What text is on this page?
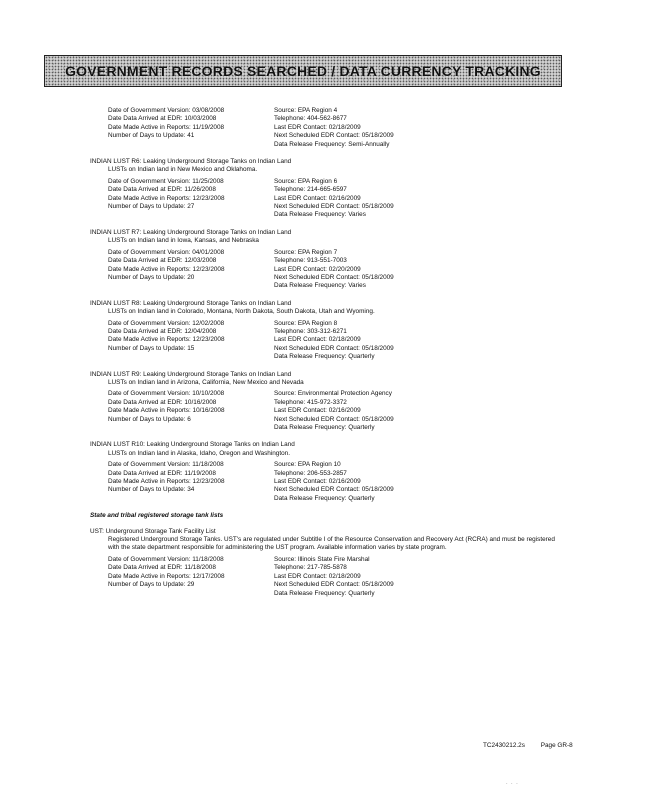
GOVERNMENT RECORDS SEARCHED / DATA CURRENCY TRACKING
Date of Government Version: 03/08/2008	Source: EPA Region 4
Date Data Arrived at EDR: 10/03/2008	Telephone: 404-562-8677
Date Made Active in Reports: 11/19/2008	Last EDR Contact: 02/18/2009
Number of Days to Update: 41	Next Scheduled EDR Contact: 05/18/2009
Data Release Frequency: Semi-Annually
INDIAN LUST R6: Leaking Underground Storage Tanks on Indian Land
LUSTs on Indian land in New Mexico and Oklahoma.
Date of Government Version: 11/25/2008	Source: EPA Region 6
Date Data Arrived at EDR: 11/26/2008	Telephone: 214-665-6597
Date Made Active in Reports: 12/23/2008	Last EDR Contact: 02/16/2009
Number of Days to Update: 27	Next Scheduled EDR Contact: 05/18/2009
Data Release Frequency: Varies
INDIAN LUST R7: Leaking Underground Storage Tanks on Indian Land
LUSTs on Indian land in Iowa, Kansas, and Nebraska
Date of Government Version: 04/01/2008	Source: EPA Region 7
Date Data Arrived at EDR: 12/03/2008	Telephone: 913-551-7003
Date Made Active in Reports: 12/23/2008	Last EDR Contact: 02/20/2009
Number of Days to Update: 20	Next Scheduled EDR Contact: 05/18/2009
Data Release Frequency: Varies
INDIAN LUST R8: Leaking Underground Storage Tanks on Indian Land
LUSTs on Indian land in Colorado, Montana, North Dakota, South Dakota, Utah and Wyoming.
Date of Government Version: 12/02/2008	Source: EPA Region 8
Date Data Arrived at EDR: 12/04/2008	Telephone: 303-312-6271
Date Made Active in Reports: 12/23/2008	Last EDR Contact: 02/18/2009
Number of Days to Update: 15	Next Scheduled EDR Contact: 05/18/2009
Data Release Frequency: Quarterly
INDIAN LUST R9: Leaking Underground Storage Tanks on Indian Land
LUSTs on Indian land in Arizona, California, New Mexico and Nevada
Date of Government Version: 10/10/2008	Source: Environmental Protection Agency
Date Data Arrived at EDR: 10/16/2008	Telephone: 415-972-3372
Date Made Active in Reports: 10/16/2008	Last EDR Contact: 02/16/2009
Number of Days to Update: 6	Next Scheduled EDR Contact: 05/18/2009
Data Release Frequency: Quarterly
INDIAN LUST R10: Leaking Underground Storage Tanks on Indian Land
LUSTs on Indian land in Alaska, Idaho, Oregon and Washington.
Date of Government Version: 11/18/2008	Source: EPA Region 10
Date Data Arrived at EDR: 11/19/2008	Telephone: 206-553-2857
Date Made Active in Reports: 12/23/2008	Last EDR Contact: 02/16/2009
Number of Days to Update: 34	Next Scheduled EDR Contact: 05/18/2009
Data Release Frequency: Quarterly
State and tribal registered storage tank lists
UST: Underground Storage Tank Facility List
Registered Underground Storage Tanks. UST's are regulated under Subtitle I of the Resource Conservation and Recovery Act (RCRA) and must be registered with the state department responsible for administering the UST program. Available information varies by state program.
Date of Government Version: 11/18/2008	Source: Illinois State Fire Marshal
Date Data Arrived at EDR: 11/18/2008	Telephone: 217-785-5878
Date Made Active in Reports: 12/17/2008	Last EDR Contact: 02/18/2009
Number of Days to Update: 29	Next Scheduled EDR Contact: 05/18/2009
Data Release Frequency: Quarterly
TC2430212.2s Page GR-8
· · ·
